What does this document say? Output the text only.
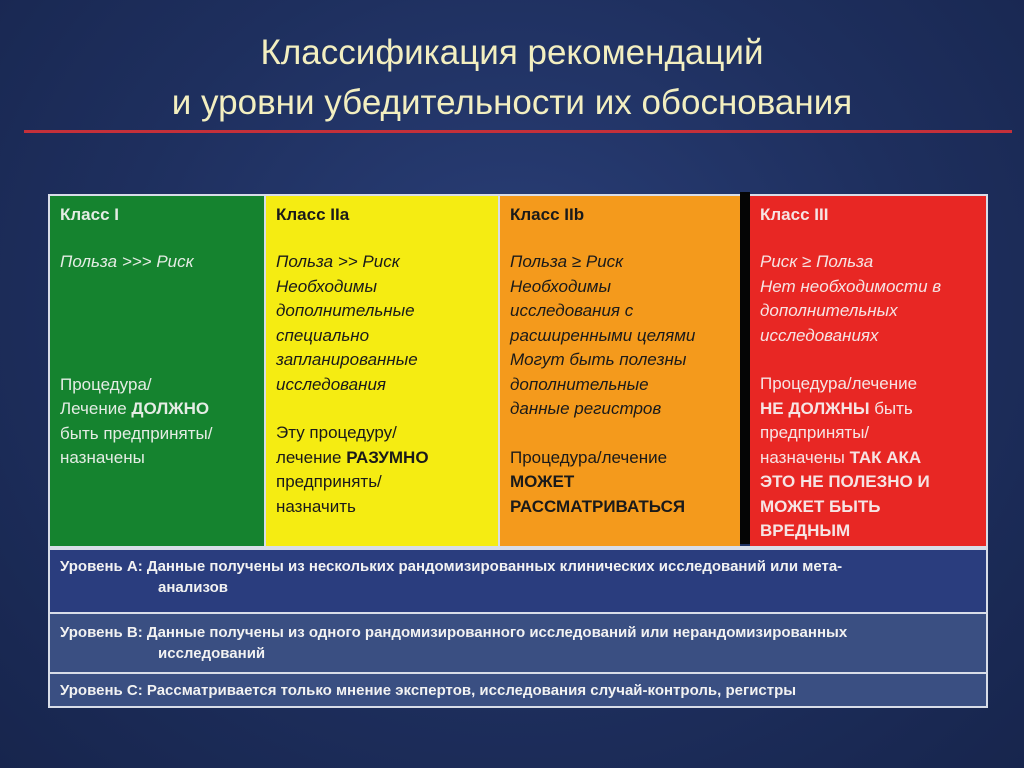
Классификация рекомендаций
и уровни убедительности их обоснования
Класс I
Польза >>> Риск
Процедура/
Лечение ДОЛЖНО
быть предприняты/
назначены
Класс IIa
Польза >> Риск
Необходимы
дополнительные
специально
запланированные
исследования
Эту процедуру/
лечение РАЗУМНО
предпринять/
назначить
Класс IIb
Польза ≥ Риск
Необходимы
исследования с
расширенными целями
Могут быть полезны
дополнительные
данные регистров
Процедура/лечение
МОЖЕТ
РАССМАТРИВАТЬСЯ
Класс III
Риск ≥ Польза
Нет необходимости в
дополнительных
исследованиях
Процедура/лечение
НЕ ДОЛЖНЫ быть
предприняты/
назначены ТАК АКА
ЭТО НЕ ПОЛЕЗНО И
МОЖЕТ БЫТЬ
ВРЕДНЫМ
Уровень А: Данные получены из нескольких рандомизированных клинических исследований или мета-
анализов
Уровень В: Данные получены из одного рандомизированного исследований или нерандомизированных
исследований
Уровень С: Рассматривается только мнение экспертов, исследования случай-контроль, регистры
